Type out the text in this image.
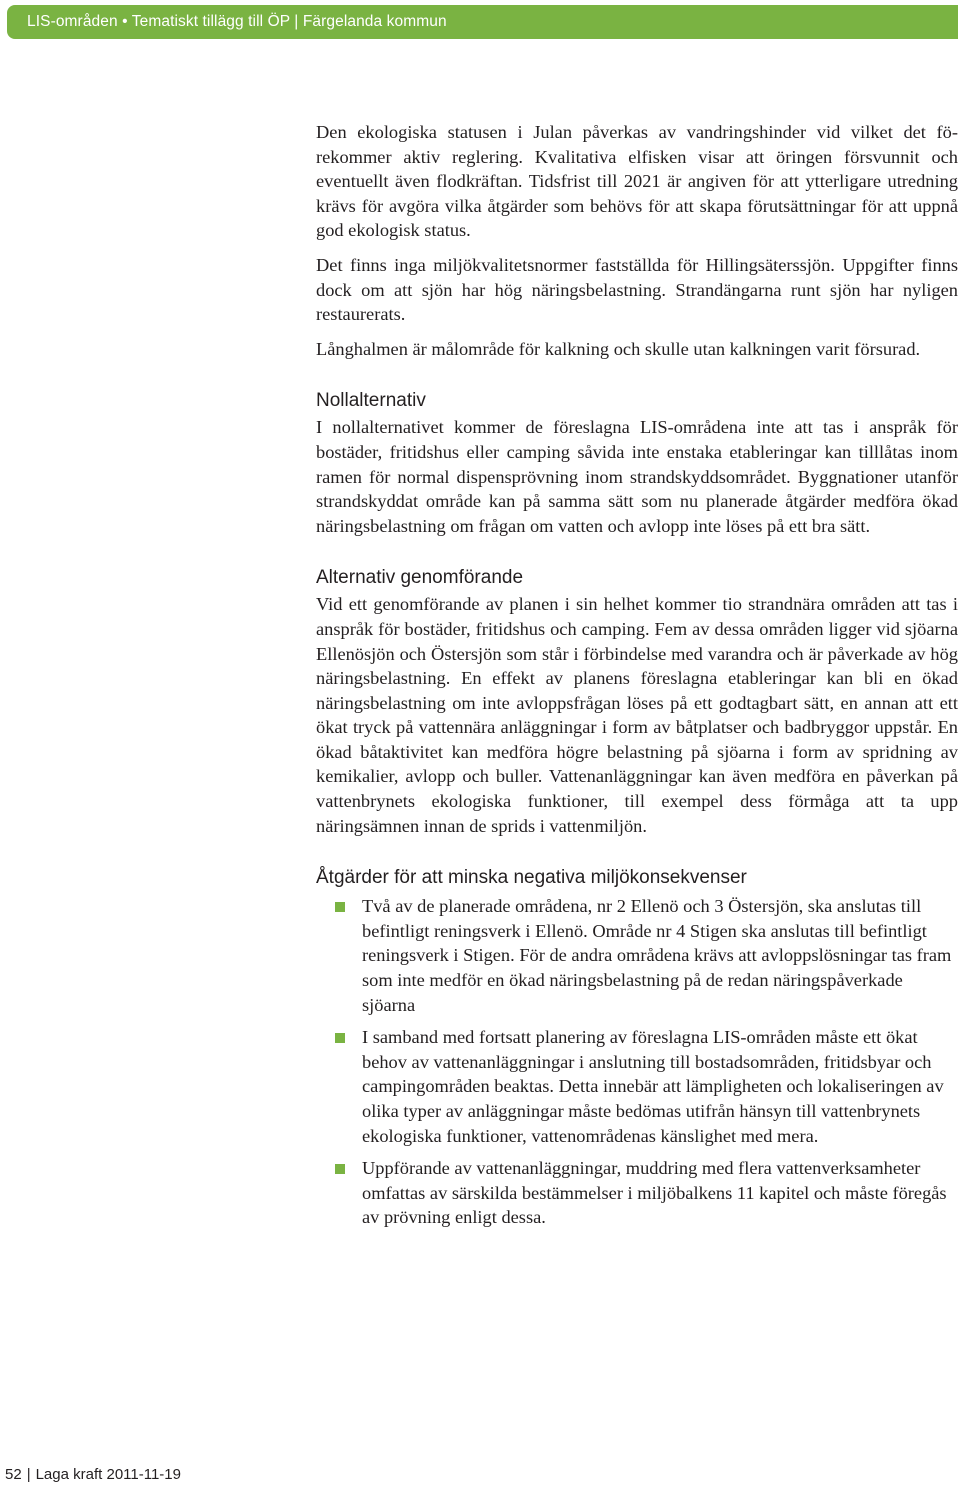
LIS-områden • Tematiskt tillägg till ÖP | Färgelanda kommun

Den ekologiska statusen i Julan påverkas av vandringshinder vid vilket det förekommer aktiv reglering. Kvalitativa elfisken visar att öringen försvunnit och eventuellt även flodkräftan. Tidsfrist till 2021 är angiven för att ytterligare utredning krävs för avgöra vilka åtgärder som behövs för att skapa förutsättningar för att uppnå god ekologisk status.

Det finns inga miljökvalitetsnormer fastställda för Hillingsäterssjön. Uppgifter finns dock om att sjön har hög näringsbelastning. Strandängarna runt sjön har nyligen restaurerats.

Långhalmen är målområde för kalkning och skulle utan kalkningen varit försurad.

Nollalternativ

I nollalternativet kommer de föreslagna LIS-områdena inte att tas i anspråk för bostäder, fritidshus eller camping såvida inte enstaka etableringar kan tilllåtas inom ramen för normal dispensprövning inom strandskyddsområdet. Byggnationer utanför strandskyddat område kan på samma sätt som nu planerade åtgärder medföra ökad näringsbelastning om frågan om vatten och avlopp inte löses på ett bra sätt.

Alternativ genomförande

Vid ett genomförande av planen i sin helhet kommer tio strandnära områden att tas i anspråk för bostäder, fritidshus och camping. Fem av dessa områden ligger vid sjöarna Ellenösjön och Östersjön som står i förbindelse med varandra och är påverkade av hög näringsbelastning. En effekt av planens föreslagna etableringar kan bli en ökad näringsbelastning om inte avloppsfrågan löses på ett godtagbart sätt, en annan att ett ökat tryck på vattennära anläggningar i form av båtplatser och badbryggor uppstår. En ökad båtaktivitet kan medföra högre belastning på sjöarna i form av spridning av kemikalier, avlopp och buller. Vattenanläggningar kan även medföra en påverkan på vattenbrynets ekologiska funktioner, till exempel dess förmåga att ta upp näringsämnen innan de sprids i vattenmiljön.

Åtgärder för att minska negativa miljökonsekvenser

Två av de planerade områdena, nr 2 Ellenö och 3 Östersjön, ska anslutas till befintligt reningsverk i Ellenö. Område nr 4 Stigen ska anslutas till befintligt reningsverk i Stigen. För de andra områdena krävs att avloppslösningar tas fram som inte medför en ökad näringsbelastning på de redan näringspåverkade sjöarna

I samband med fortsatt planering av föreslagna LIS-områden måste ett ökat behov av vattenanläggningar i anslutning till bostadsområden, fritidsbyar och campingområden beaktas. Detta innebär att lämpligheten och lokaliseringen av olika typer av anläggningar måste bedömas utifrån hänsyn till vattenbrynets ekologiska funktioner, vattenområdenas känslighet med mera.

Uppförande av vattenanläggningar, muddring med flera vattenverksamheter omfattas av särskilda bestämmelser i miljöbalkens 11 kapitel och måste föregås av prövning enligt dessa.

52 | Laga kraft 2011-11-19
